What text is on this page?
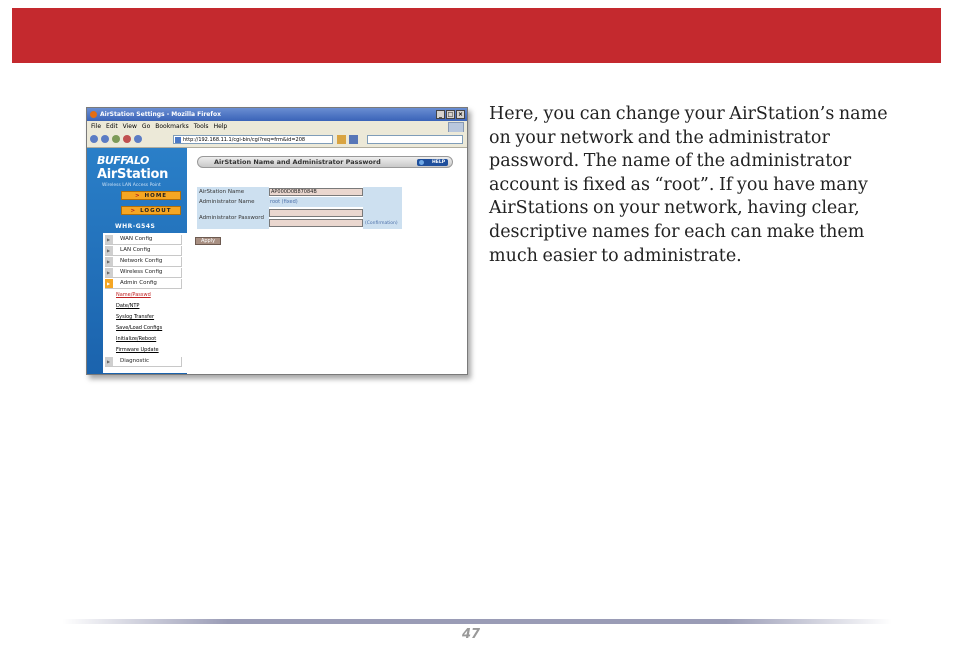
AirStation Settings - Mozilla Firefox	_ □ ×
File Edit View Go Bookmarks Tools Help
http://192.168.11.1/cgi-bin/cgi?req=frm&id=208
BUFFALO
AirStation
Wireless LAN Access Point
> HOME
> LOGOUT
WHR-G54S
▶
WAN Config
▶
LAN Config
▶
Network Config
▶
Wireless Config
▶
Admin Config
Name/Passwd
Date/NTP
Syslog Transfer
Save/Load Configs
Initialize/Reboot
Firmware Update
▶
Diagnostic
AirStation Name and Administrator Password	HELP
AirStation Name	AP000D0B87084B
Administrator Name	root (fixed)
Administrator Password
(Confirmation)
Apply

Here, you can change your AirStation’s name on your network and the administrator password. The name of the administrator account is fixed as “root”. If you have many AirStations on your network, having clear, descriptive names for each can make them much easier to administrate.

47
